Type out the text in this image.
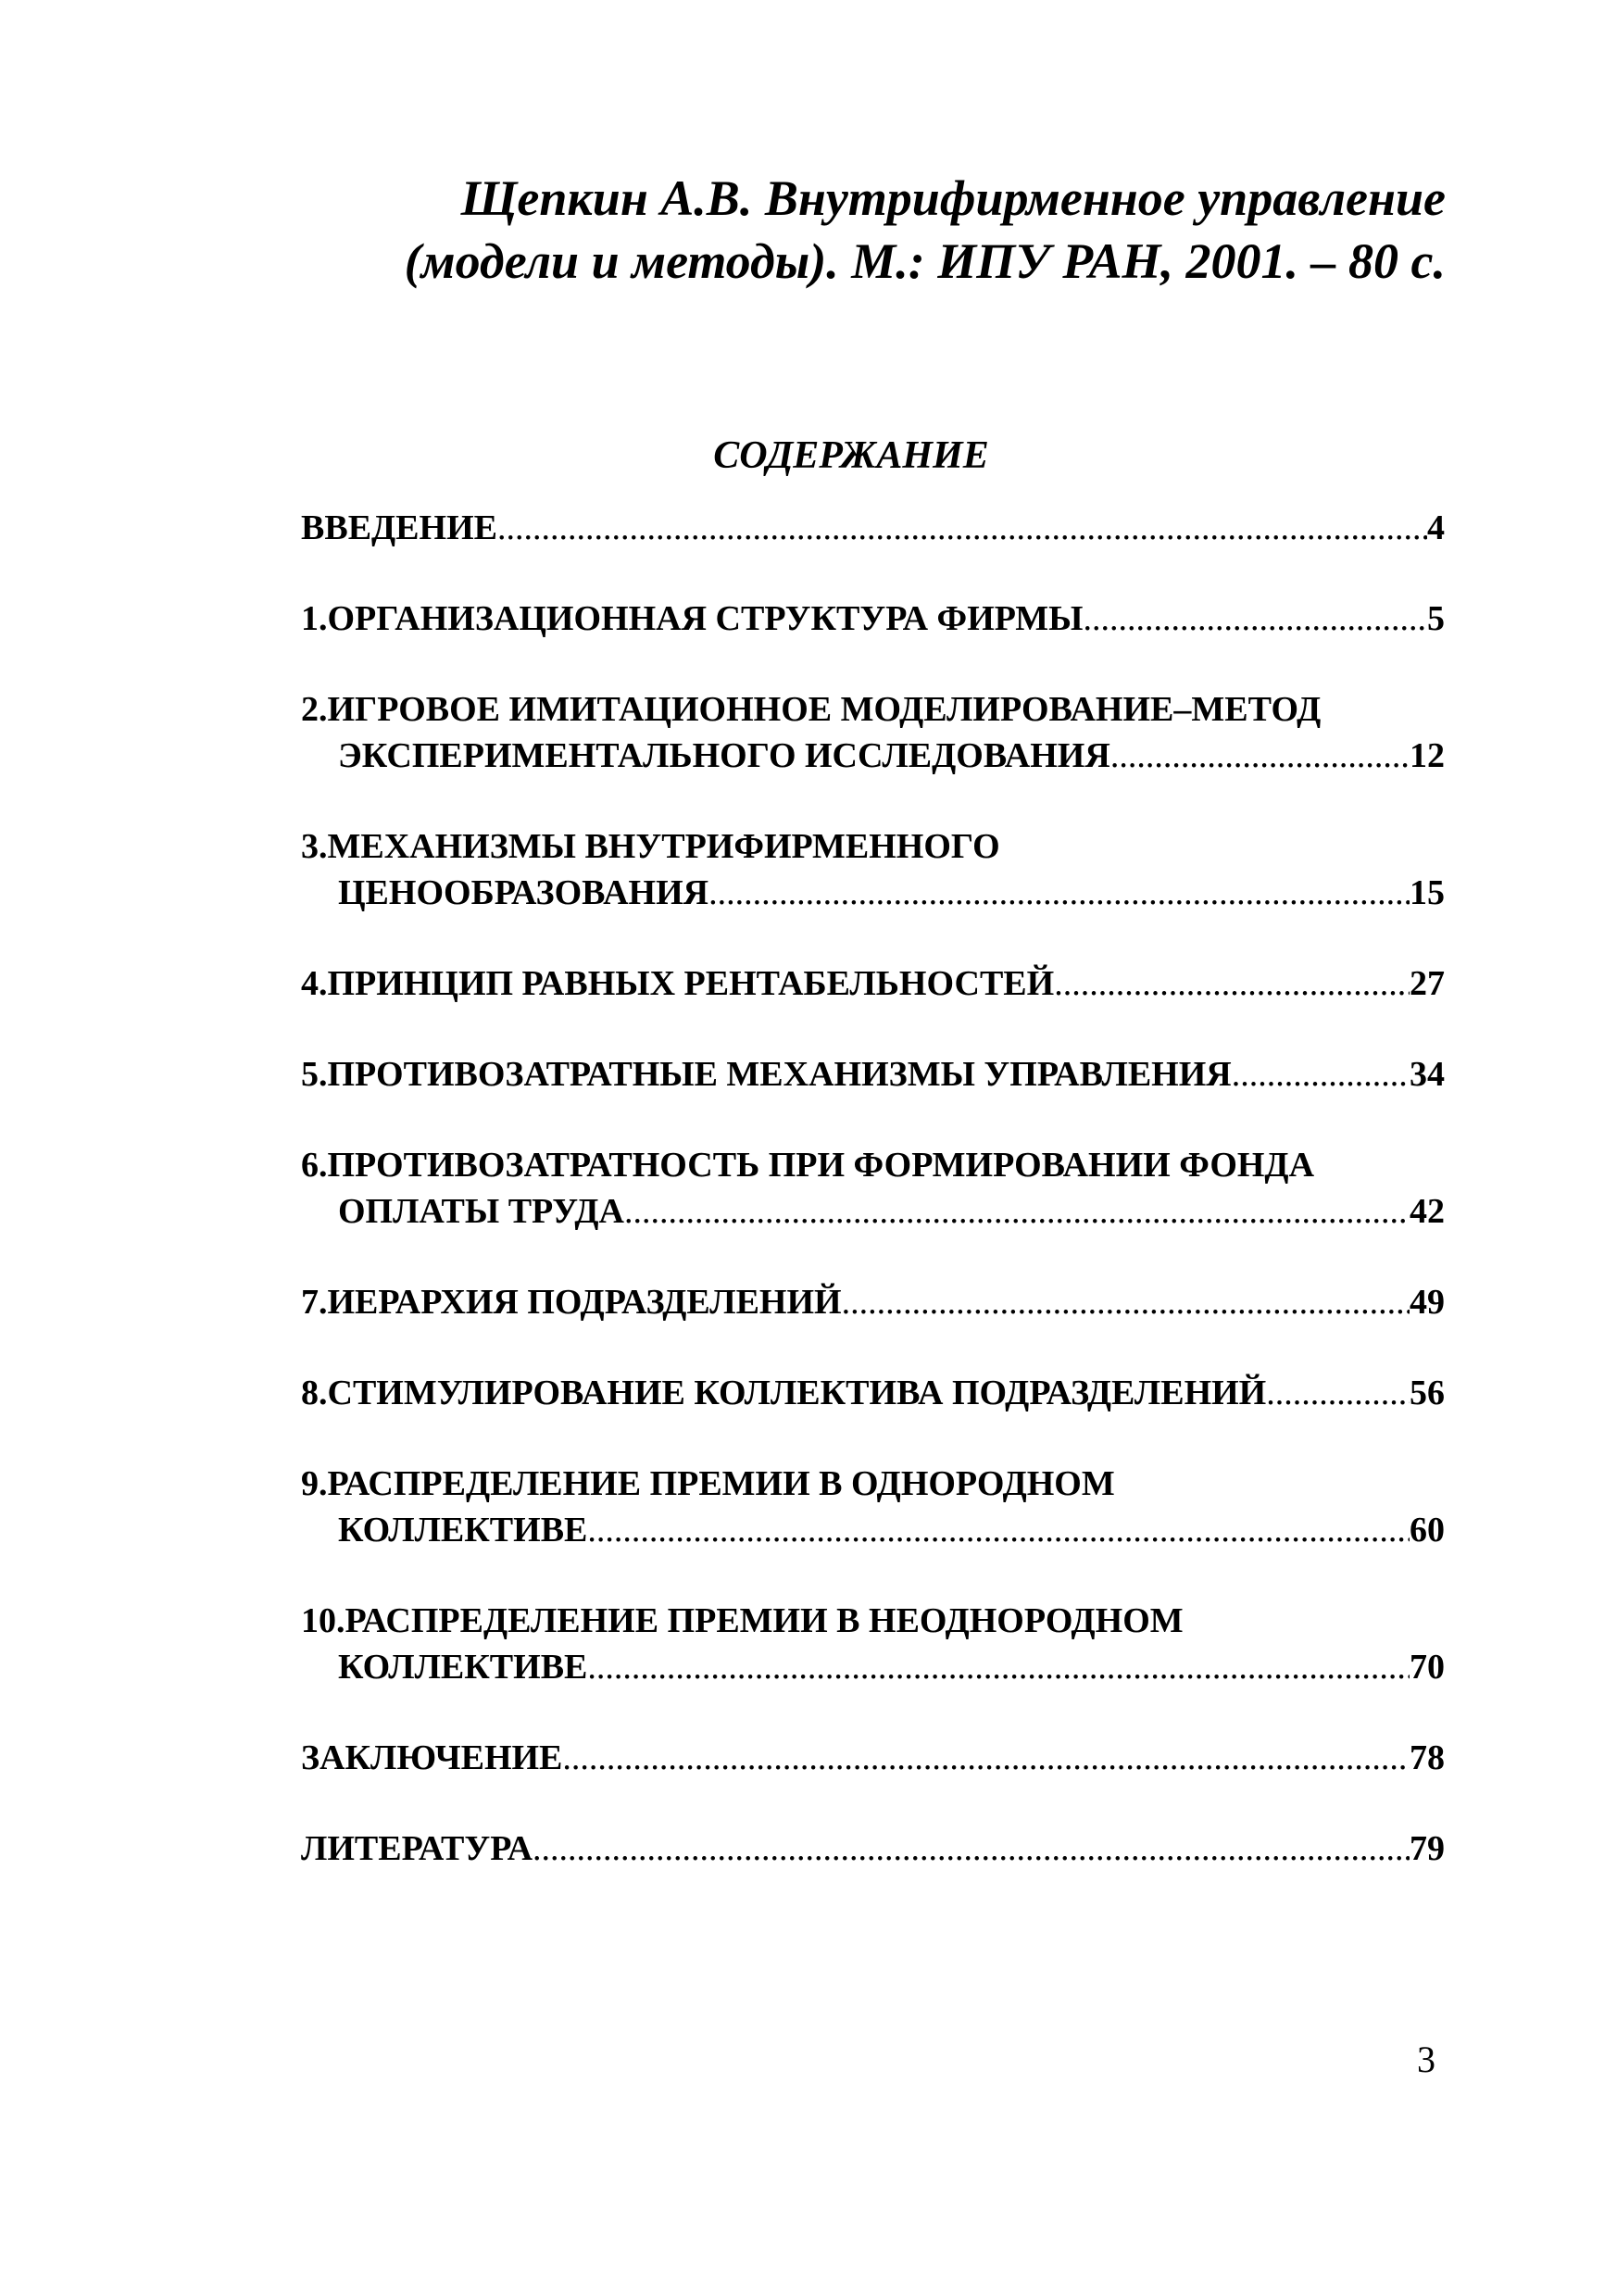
Щепкин А.В. Внутрифирменное управление
(модели и методы). М.: ИПУ РАН, 2001. – 80 с.
СОДЕРЖАНИЕ
ВВЕДЕНИЕ .....	4
1.ОРГАНИЗАЦИОННАЯ СТРУКТУРА ФИРМЫ .....	5
2.ИГРОВОЕ ИМИТАЦИОННОЕ МОДЕЛИРОВАНИЕ–МЕТОД
ЭКСПЕРИМЕНТАЛЬНОГО ИССЛЕДОВАНИЯ .....	12
3.МЕХАНИЗМЫ ВНУТРИФИРМЕННОГО
ЦЕНООБРАЗОВАНИЯ .....	15
4.ПРИНЦИП РАВНЫХ РЕНТАБЕЛЬНОСТЕЙ .....	27
5.ПРОТИВОЗАТРАТНЫЕ МЕХАНИЗМЫ УПРАВЛЕНИЯ .....	34
6.ПРОТИВОЗАТРАТНОСТЬ ПРИ ФОРМИРОВАНИИ ФОНДА
ОПЛАТЫ ТРУДА .....	42
7.ИЕРАРХИЯ ПОДРАЗДЕЛЕНИЙ .....	49
8.СТИМУЛИРОВАНИЕ КОЛЛЕКТИВА ПОДРАЗДЕЛЕНИЙ .....	56
9.РАСПРЕДЕЛЕНИЕ ПРЕМИИ В ОДНОРОДНОМ
КОЛЛЕКТИВЕ .....	60
10.РАСПРЕДЕЛЕНИЕ ПРЕМИИ В НЕОДНОРОДНОМ
КОЛЛЕКТИВЕ .....	70
ЗАКЛЮЧЕНИЕ .....	78
ЛИТЕРАТУРА .....	79
3
